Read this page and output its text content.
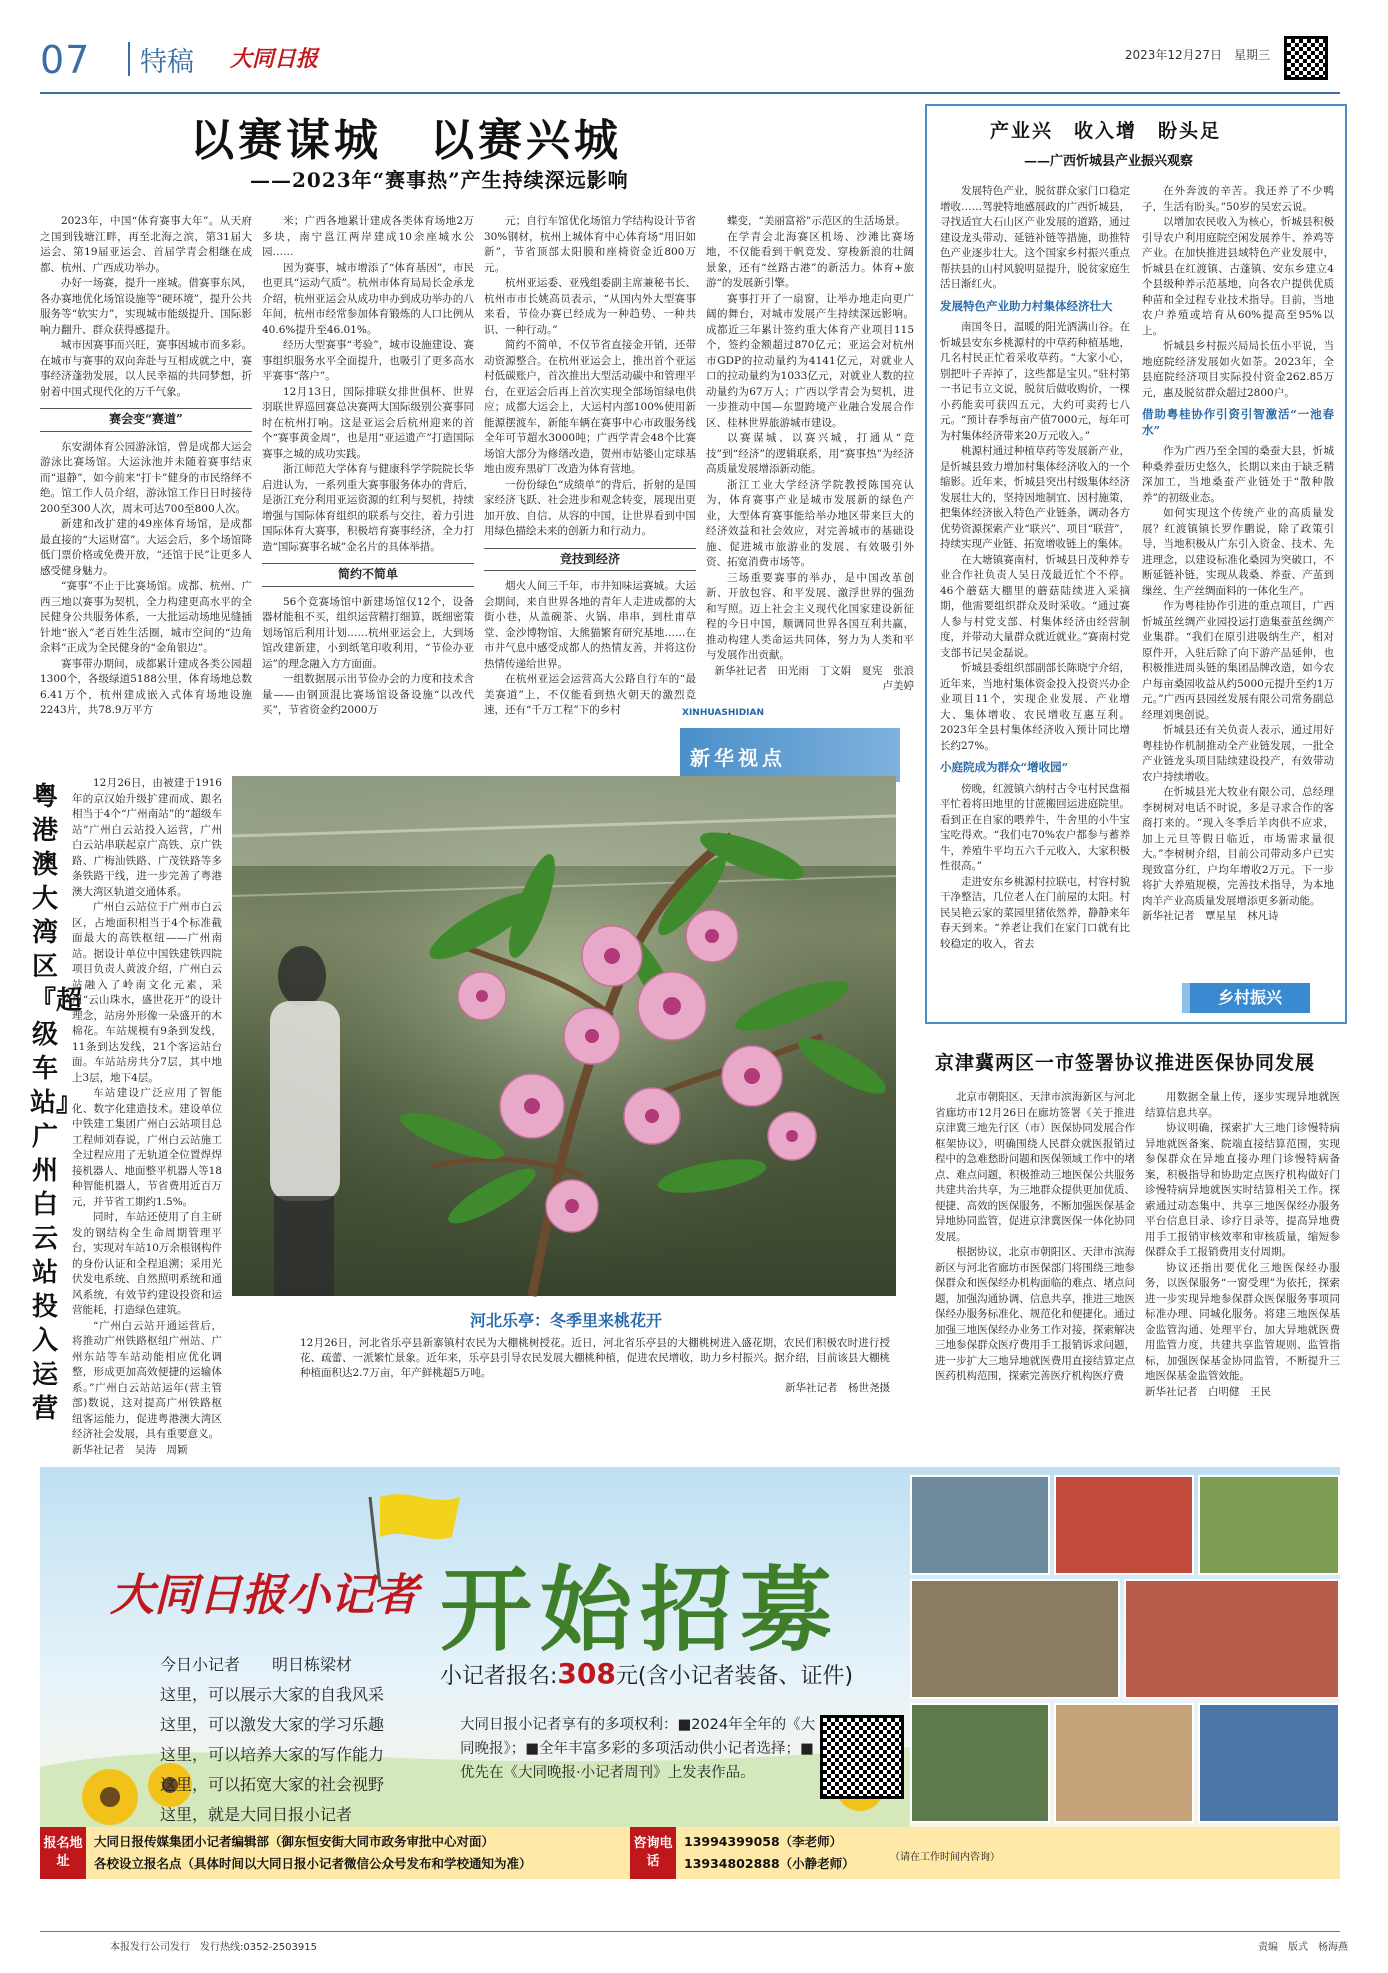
07 特稿 大同日报	2023年12月27日　 星期三
以赛谋城　以赛兴城
——2023年“赛事热”产生持续深远影响

2023年，中国“体育赛事大年”。从天府之国到钱塘江畔，再至北海之滨，第31届大运会、第19届亚运会、首届学青会相继在成都、杭州、广西成功举办。

办好一场赛，提升一座城。借赛事东风，各办赛地优化场馆设施等“硬环境”，提升公共服务等“软实力”，实现城市能级提升、国际影响力翻升、群众获得感提升。

城市因赛事而兴旺，赛事因城市而多彩。在城市与赛事的双向奔赴与互相成就之中，赛事经济蓬勃发展，以人民幸福的共同梦想，折射着中国式现代化的万千气象。

赛会变“赛道”

东安湖体育公园游泳馆，曾是成都大运会游泳比赛场馆。大运泳池并未随着赛事结束而“退静”，如今前来“打卡”健身的市民络绎不绝。馆工作人员介绍，游泳馆工作日日时接待200至300人次，周末可达700至800人次。

新建和改扩建的49座体育场馆，是成都最直接的“大运财富”。大运会后，多个场馆降低门票价格或免费开放，“还馆于民”让更多人感受健身魅力。

“赛事”不止于比赛场馆。成都、杭州、广西三地以赛事为契机，全力构建更高水平的全民健身公共服务体系，一大批运动场地见缝插针地“嵌入”老百姓生活圈，城市空间的“边角余料”正成为全民健身的“金角银边”。

赛事带办期间，成都累计建成各类公园超1300个，各级绿道5188公里，体育场地总数6.41万个，杭州建成嵌入式体育场地设施2243片，共78.9万平方

米；广西各地累计建成各类体育场地2万多块，南宁邕江两岸建成10余座城水公园……

因为赛事，城市增添了“体育基因”，市民也更具“运动气质”。杭州市体育局局长金承龙介绍，杭州亚运会从成功申办到成功举办的八年间，杭州市经常参加体育锻炼的人口比例从40.6%提升至46.01%。

经历大型赛事“考验”，城市设施建设、赛事组织服务水平全面提升，也吸引了更多高水平赛事“落户”。

12月13日，国际排联女排世俱杯、世界羽联世界巡回赛总决赛两大国际级别公赛事同时在杭州打响。这是亚运会后杭州迎来的首个“赛事黄金周”，也是用“亚运遗产”打造国际赛事之城的成功实践。

浙江师范大学体育与健康科学学院院长华启进认为，一系列重大赛事服务体办的背后，是浙江充分利用亚运资源的红利与契机，持续增强与国际体育组织的联系与交往，着力引进国际体育大赛事，积极培育赛事经济，全力打造“国际赛事名城”金名片的具体举措。

简约不简单

56个竞赛场馆中新建场馆仅12个，设备器材能租不买，组织运营精打细算，既细密策划场馆后利用计划……杭州亚运会上，大到场馆改建新建，小到纸笔印收利用，“节俭办亚运”的理念融入方方面面。

一组数据展示出节俭办会的力度和技术含量——由钢顶混比赛场馆设备设施“以改代买”，节省资金约2000万

元；自行车馆优化场馆力学结构设计节省30%钢材，杭州上城体育中心体育场“用旧如新”，节省顶部太阳膜和座椅资金近800万元。

杭州亚运委、亚残组委副主席兼秘书长、杭州市市长姚高员表示，“从国内外大型赛事来看，节俭办赛已经成为一种趋势、一种共识、一种行动。”

简约不简单，不仅节省直接金开销，还带动资源整合。在杭州亚运会上，推出首个亚运村低碳账户，首次推出大型活动碳中和管理平台，在亚运会后再上首次实现全部场馆绿电供应；成都大运会上，大运村内部100%使用新能源摆渡车，新能车辆在赛事中心市政服务线全年可节超水3000吨；广西学青会48个比赛场馆大部分为修缮改造，贺州市姑婆山定球基地由废弃黑矿厂改造为体育营地。

一份份绿色“成绩单”的背后，折射的是国家经济飞跃、社会进步和观念转变，展现出更加开放、自信、从容的中国，让世界看到中国用绿色描绘未来的创新力和行动力。

竞技到经济

烟火人间三千年，市井知味运赛城。大运会期间，来自世界各地的青年人走进成都的大街小巷，从盖碗茶、火锅、串串，到杜甫草堂、金沙博物馆、大熊猫繁育研究基地……在市井气息中感受成都人的热情友善，并将这份热情传递给世界。

在杭州亚运会运营高大公路自行车的“最美赛道”上，不仅能看到热火朝天的激烈竞速，还有“千万工程”下的乡村

蝶变，“美丽富裕”示范区的生活场景。

在学青会北海赛区机场、沙滩比赛场地，不仅能看到干帆竞发、穿梭新浪的壮阔景象，还有“丝路古港”的新活力。体育+旅游“的发展新引擎。

赛事打开了一扇窗，让举办地走向更广阔的舞台，对城市发展产生持续深远影响。成都近三年累计签约重大体育产业项目115个，签约金额超过870亿元；亚运会对杭州市GDP的拉动量约为4141亿元，对就业人口的拉动量约为1033亿元，对就业人数的拉动量约为67万人；广西以学青会为契机，进一步推动中国—东盟跨境产业融合发展合作区、桂林世界旅游城市建设。

以赛谋城、以赛兴城，打通从“竞技”到“经济”的逻辑联系，用“赛事热”为经济高质量发展增添新动能。

浙江工业大学经济学院教授陈国亮认为，体育赛事产业是城市发展新的绿色产业，大型体育赛事能给举办地区带来巨大的经济效益和社会效应，对完善城市的基础设施、促进城市旅游业的发展、有效吸引外资、拓宽消费市场等。

三场重要赛事的举办，是中国改革创新、开放包容、和平发展、激浮世界的强劲和写照。迈上社会主义现代化国家建设新征程的今日中国，顺调同世界各国互利共赢，推动构建人类命运共同体，努力为人类和平与发展作出贡献。

新华社记者　田光雨　丁文娟　夏宪　张浪　卢美婷
XINHUASHIDIAN
新华视点
产业兴　收入增　盼头足
——广西忻城县产业振兴观察

发展特色产业，脱贫群众家门口稳定增收……驾驶特地感展政的广西忻城县，寻找适宜大石山区产业发展的道路，通过建设龙头带动、延链补链等措施，助推特色产业逐步壮大。这个国家乡村振兴重点帮扶县的山村风貌明显提升，脱贫家庭生活日渐红火。

发展特色产业助力村集体经济壮大

南国冬日，温暖的阳光洒满山谷。在忻城县安东乡桃源村的中草药种植基地，几名村民正忙着采收草药。“大家小心，别把叶子弄掉了，这些都是宝贝。”驻村第一书记韦立文说，脱贫后做收购价，一棵小药能卖可获四五元，大约可卖药七八元。“预计春季每亩产值7000元，每年可为村集体经济带来20万元收入。”

桃源村通过种植草药等发展新产业，是忻城县致力增加村集体经济收入的一个缩影。近年来，忻城县突出村级集体经济发展壮大的，坚持因地制宜、因村施策，把集体经济嵌入特色产业链条，调动各方优势资源探索产业“联兴”、项目“联营”，持续实现产业链、拓宽增收链上的集体。

在大塘镇赛南村，忻城县日茂种养专业合作社负责人吴日茂最近忙个不停。46个蘑菇大棚里的蘑菇陆续进入采摘期，他需要组织群众及时采收。“通过赛人参与村党支部、村集体经济由经营制度，并带动大量群众就近就业。”赛南村党支部书记吴金磊说。

忻城县委组织部副部长陈晓宁介绍，近年来，当地村集体资金投入投资兴办企业项目11个，实现企业发展、产业增大、集体增收、农民增收互惠互利。2023年全县村集体经济收入预计同比增长约27%。

小庭院成为群众“增收园”

傍晚，红渡镇六纳村古令屯村民盘福平忙着将田地里的甘蔗搬回运进庭院里。看到正在自家的喂养牛，牛舍里的小牛宝宝吃得欢。“我们屯70%农户都参与蓄养牛，养殖牛平均五六千元收入，大家积极性很高。”

走进安东乡桃源村拉联屯，村容村貌干净整洁，几位老人在门前屋的太阳。村民吴艳云家的菜园里猪依然养，静静来年春天到来。“养老让我们在家门口就有比较稳定的收入，省去

在外奔波的辛苦。我还养了不少鸭子，生活有盼头。”50岁的吴宏云说。

以增加农民收入为核心，忻城县积极引导农户利用庭院空闲发展养牛、养鸡等产业。在加快推进县域特色产业发展中，忻城县在红渡镇、古蓬镇、安东乡建立4个县级种养示范基地，向各农户提供优质种苗和全过程专业技术指导。目前，当地农户养殖或培育从60%提高至95%以上。

忻城县乡村振兴局局长伍小平说，当地庭院经济发展如火如荼。2023年，全县庭院经济项目实际投付资金262.85万元，惠及脱贫群众超过2800户。

借助粤桂协作引资引智激活“一池春水”

作为广西乃至全国的桑蚕大县，忻城种桑养蚕历史悠久，长期以来由于缺乏精深加工，当地桑蚕产业链处于“散种散养”的初级业态。

如何实现这个传统产业的高质量发展？红渡镇镇长罗作鹏说，除了政策引导，当地积极从广东引入资金、技术、先进理念，以建设标准化桑园为突破口，不断延链补链，实现从栽桑、养蚕、产茧到缫丝、生产丝绸面料的一体化生产。

作为粤桂协作引进的重点项目，广西忻城茧丝绸产业园投运打造集蚕茧丝绸产业集群。“我们在原引进吸纳生产，相对原件开，入驻后除了向下游产品延伸，也积极推进周头链的集团品牌改造，如今农户每亩桑园收益从约5000元提升至约1万元。”广西丙县园丝发展有限公司常务副总经理刘奥创说。

忻城县还有关负责人表示，通过用好粤桂协作机制推动全产业链发展，一批全产业链龙头项目陆续建设投产，有效带动农户持续增收。

在忻城县光大牧业有限公司，总经理李树树对电话不时说，多是寻求合作的客商打来的。“现入冬季后羊肉供不应求，加上元旦等假日临近，市场需求量很大。”李树树介绍，目前公司带动多户已实现致富分红，户均年增收2万元。下一步将扩大养殖规模，完善技术指导，为本地肉羊产业高质量发展增添更多新动能。

新华社记者　覃星星　林凡诗
乡村振兴
粤港澳大湾区『超级车站』广州白云站投入运营

12月26日，由被建于1916年的京汉始升级扩建而成、跟名相当于4个“广州南站”的“超级车站”广州白云站投入运营，广州白云站串联起京广高铁、京广铁路、广梅汕铁路、广茂铁路等多条铁路干线，进一步完善了粤港澳大湾区轨道交通体系。

广州白云站位于广州市白云区，占地面积相当于4个标准截面最大的高铁枢纽——广州南站。据设计单位中国铁建铁四院项目负责人黄波介绍，广州白云站融入了岭南文化元素，采用“云山珠水，盛世花开”的设计理念，站房外形像一朵盛开的木棉花。车站规模有9条到发线，11条到达发线，21个客运站台面。车站站房共分7层，其中地上3层，地下4层。

车站建设广泛应用了智能化、数字化建造技术。建设单位中铁建工集团广州白云站项目总工程师刘春说，广州白云站施工全过程应用了无轨道全位置焊焊接机器人、地面整平机器人等18种智能机器人，节省费用近百万元，并节省工期约1.5%。

同时，车站还使用了自主研发的钢结构全生命周期管理平台，实现对车站10万余根钢构件的身份认证和全程追溯；采用光伏发电系统、自然照明系统和通风系统，有效节约建设投资和运营能耗，打造绿色建筑。

“广州白云站开通运营后，将推动广州铁路枢纽广州站、广州东站等车站动能相应优化调整，形成更加高效便捷的运输体系。”广州白云站站运年(营主管部)数说，这对提高广州铁路枢纽客运能力，促进粤港澳大湾区经济社会发展，具有重要意义。

新华社记者　吴涛　周颖
河北乐亭：冬季里来桃花开
12月26日，河北省乐亭县新寨镇村农民为大棚桃树授花。近日，河北省乐亭县的大棚桃树进入盛花期，农民们积极农时进行授花、疏蕾、一派繁忙景象。近年来，乐亭县引导农民发展大棚桃种植，促进农民增收，助力乡村振兴。据介绍，目前该县大棚桃种植面积达2.7万亩，年产鲜桃超5万吨。
新华社记者　杨世尧摄
京津冀两区一市签署协议推进医保协同发展

北京市朝阳区、天津市滨海新区与河北省廊坊市12月26日在廊坊签署《关于推进京津冀三地先行区（市）医保协同发展合作框架协议》，明确围绕人民群众就医报销过程中的急难愁盼问题和医保领域工作中的堵点、难点问题，积极推动三地医保公共服务共建共治共享，为三地群众提供更加优质、便捷、高效的医保服务，不断加强医保基金异地协同监管，促进京津冀医保一体化协同发展。

根据协议，北京市朝阳区、天津市滨海新区与河北省廊坊市医保部门将围绕三地参保群众和医保经办机构面临的难点、堵点问题，加强沟通协调、信息共享，推进三地医保经办服务标准化、规范化和便捷化。通过加强三地医保经办业务工作对接，探索解决三地参保群众医疗费用手工报销诉求问题，进一步扩大三地异地就医费用直接结算定点医药机构范围，探索完善医疗机构医疗费

用数据全量上传，逐步实现异地就医结算信息共享。

协议明确，探索扩大三地门诊慢特病异地就医备案、院端直接结算范围，实现参保群众在异地直接办理门诊慢特病备案，积极指导和协助定点医疗机构做好门诊慢特病异地就医实时结算相关工作。探索通过动态集中、共享三地医保经办服务平台信息目录、诊疗目录等，提高异地费用手工报销审核效率和审核质量，缩短参保群众手工报销费用支付周期。

协议还指出要优化三地医保经办服务，以医保服务“一窗受理”为依托，探索进一步实现异地参保群众医保服务事项同标准办理、同城化服务。将建三地医保基金监管沟通、处理平台，加大异地就医费用监管力度，共建共享监管规则、监管指标，加强医保基金协同监管，不断提升三地医保基金监管效能。

新华社记者　白明健　王民
大同日报小记者 开始招募
小记者报名:308元(含小记者装备、证件)
今日小记者　　明日栋梁材
这里，可以展示大家的自我风采
这里，可以激发大家的学习乐趣
这里，可以培养大家的写作能力
这里，可以拓宽大家的社会视野
这里，就是大同日报小记者
大同日报小记者享有的多项权利：■2024年全年的《大同晚报》；■全年丰富多彩的多项活动供小记者选择；■优先在《大同晚报·小记者周刊》上发表作品。
报名地址
大同日报传媒集团小记者编辑部（御东恒安街大同市政务审批中心对面）
各校设立报名点（具体时间以大同日报小记者微信公众号发布和学校通知为准）
咨询电话
13994399058（李老师）
13934802888（小静老师）	（请在工作时间内咨询）
本报发行公司发行　发行热线:0352-2503915	责编　版式　杨海燕
